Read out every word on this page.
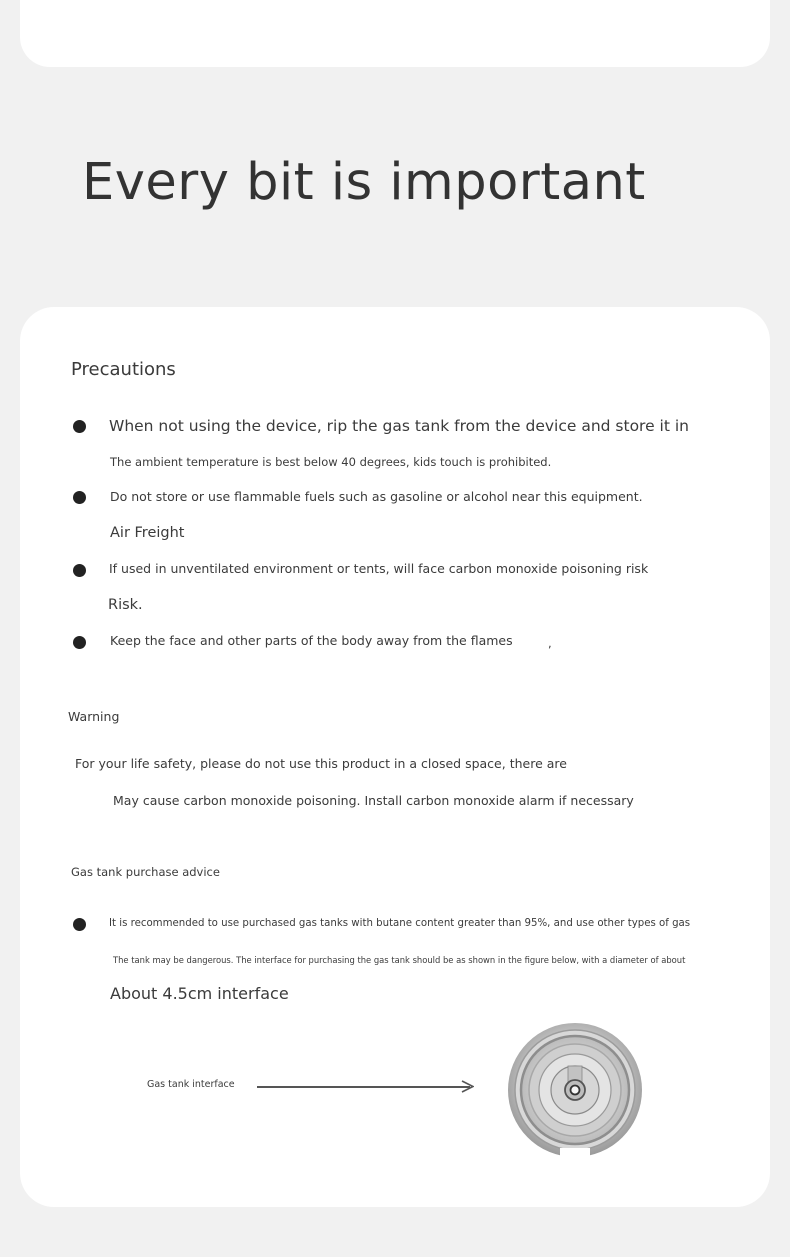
Every bit is important
Precautions
When not using the device, rip the gas tank from the device and store it in
The ambient temperature is best below 40 degrees, kids touch is prohibited.
Do not store or use flammable fuels such as gasoline or alcohol near this equipment.
Air Freight
If used in unventilated environment or tents, will face carbon monoxide poisoning risk
Risk.
Keep the face and other parts of the body away from the flames	,
Warning
For your life safety, please do not use this product in a closed space, there are
May cause carbon monoxide poisoning. Install carbon monoxide alarm if necessary
Gas tank purchase advice
It is recommended to use purchased gas tanks with butane content greater than 95%, and use other types of gas
The tank may be dangerous. The interface for purchasing the gas tank should be as shown in the figure below, with a diameter of about
About 4.5cm interface
Gas tank interface
